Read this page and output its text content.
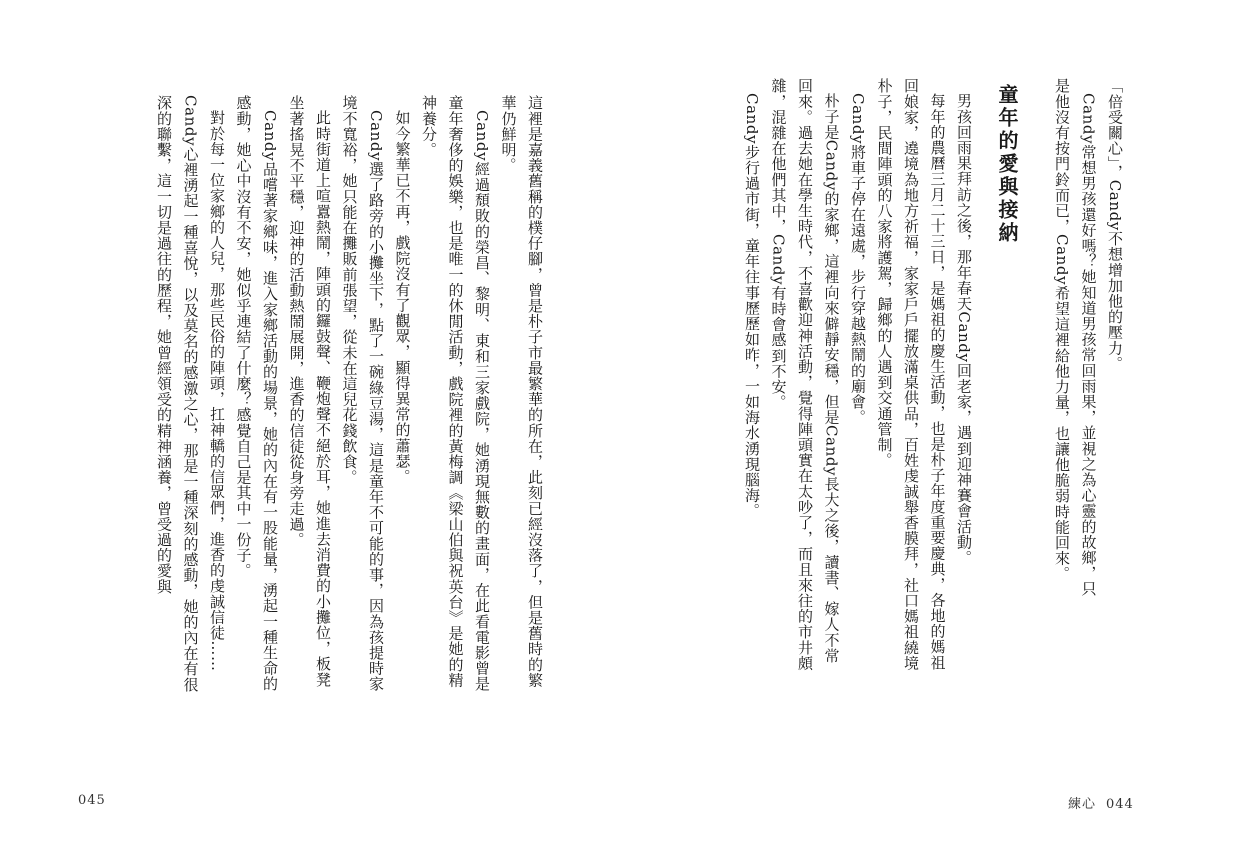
這裡是嘉義舊稱的樸仔腳，曾是朴子市最繁華的所在，此刻已經沒落了，但是舊時的繁華仍鮮明。

Candy經過頹敗的榮昌、黎明、東和三家戲院，她湧現無數的畫面，在此看電影曾是童年奢侈的娛樂，也是唯一的休閒活動，戲院裡的黃梅調《梁山伯與祝英台》是她的精神養分。

如今繁華已不再，戲院沒有了觀眾，顯得異常的蕭瑟。

Candy選了路旁的小攤坐下，點了一碗綠豆湯，這是童年不可能的事，因為孩提時家境不寬裕，她只能在攤販前張望，從未在這兒花錢飲食。

此時街道上喧囂熱鬧，陣頭的鑼鼓聲、鞭炮聲不絕於耳，她進去消費的小攤位，板凳坐著搖晃不平穩，迎神的活動熱鬧展開，進香的信徒從身旁走過。

Candy品嚐著家鄉味，進入家鄉活動的場景，她的內在有一股能量，湧起一種生命的感動，她心中沒有不安，她似乎連結了什麼？感覺自己是其中一份子。

對於每一位家鄉的人兒，那些民俗的陣頭，扛神轎的信眾們，進香的虔誠信徒……Candy心裡湧起一種喜悅，以及莫名的感激之心，那是一種深刻的感動，她的內在有很深的聯繫，這一切是過往的歷程，她曾經領受的精神涵養，曾受過的愛與

045

「倍受關心」，Candy不想增加他的壓力。

Candy常想男孩還好嗎？她知道男孩常回雨果，並視之為心靈的故鄉，只是他沒有按門鈴而已，Candy希望這裡給他力量，也讓他脆弱時能回來。

童年的愛與接納

男孩回雨果拜訪之後，那年春天Candy回老家，遇到迎神賽會活動。

每年的農曆三月二十三日，是媽祖的慶生活動，也是朴子年度重要慶典，各地的媽祖回娘家，遶境為地方祈福，家家戶戶擺放滿桌供品，百姓虔誠舉香膜拜，社口媽祖繞境朴子，民間陣頭的八家將護駕，歸鄉的人遇到交通管制。

Candy將車子停在遠處，步行穿越熱鬧的廟會。

朴子是Candy的家鄉，這裡向來僻靜安穩，但是Candy長大之後，讀書、嫁人不常回來。過去她在學生時代，不喜歡迎神活動，覺得陣頭實在太吵了，而且來往的市井頗雜，混雜在他們其中，Candy有時會感到不安。

Candy步行過市街，童年往事歷歷如昨，一如海水湧現腦海。

練心 044
